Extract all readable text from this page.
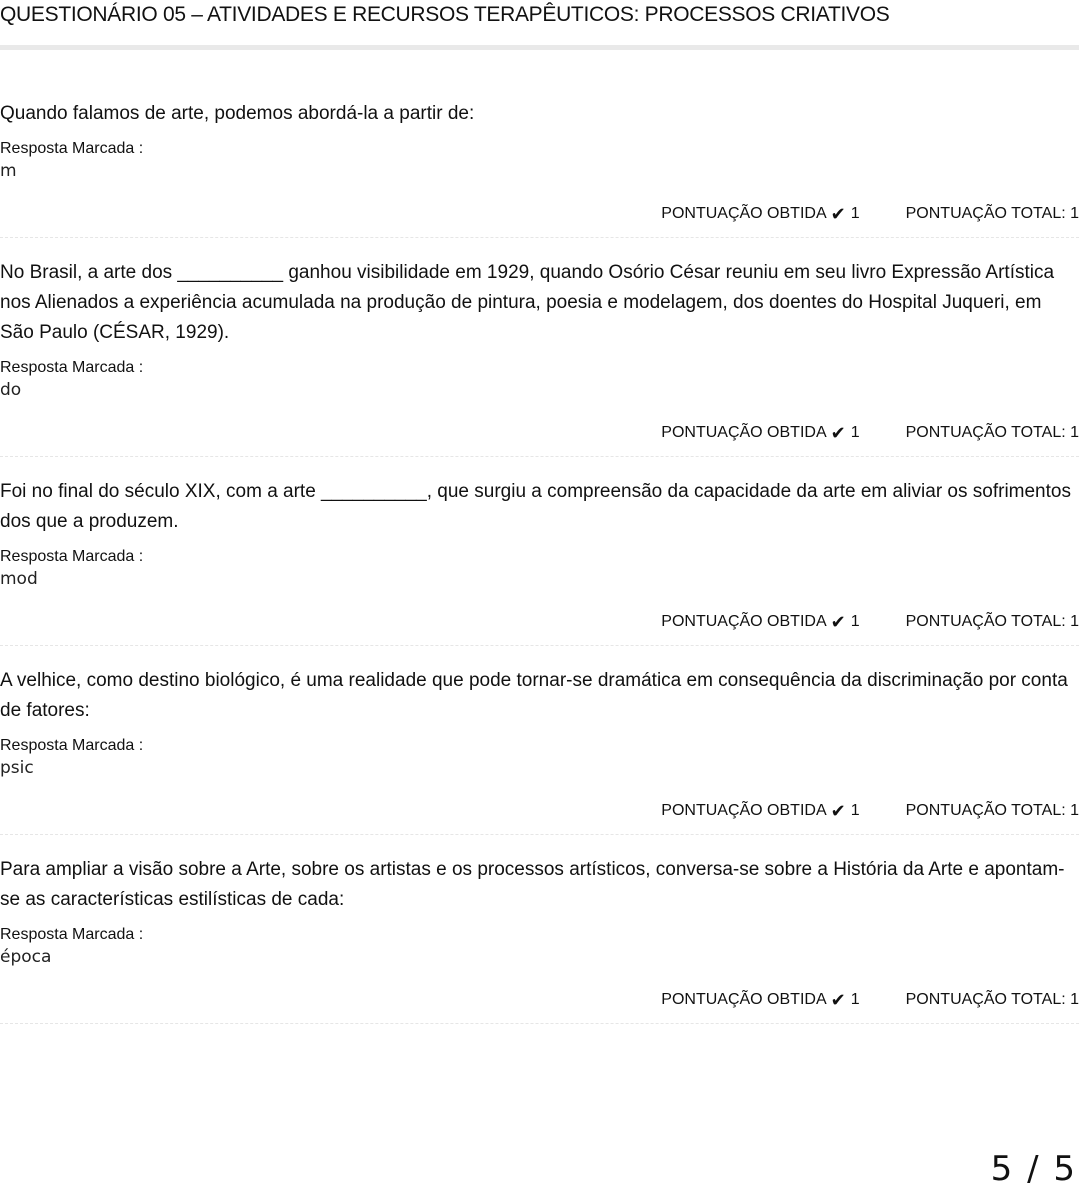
QUESTIONÁRIO 05 – ATIVIDADES E RECURSOS TERAPÊUTICOS: PROCESSOS CRIATIVOS
Quando falamos de arte, podemos abordá-la a partir de:
Resposta Marcada :
m
PONTUAÇÃO OBTIDA ✔ 1	PONTUAÇÃO TOTAL: 1
No Brasil, a arte dos __________ ganhou visibilidade em 1929, quando Osório César reuniu em seu livro Expressão Artística nos Alienados a experiência acumulada na produção de pintura, poesia e modelagem, dos doentes do Hospital Juqueri, em São Paulo (CÉSAR, 1929).
Resposta Marcada :
do
PONTUAÇÃO OBTIDA ✔ 1	PONTUAÇÃO TOTAL: 1
Foi no final do século XIX, com a arte __________, que surgiu a compreensão da capacidade da arte em aliviar os sofrimentos dos que a produzem.
Resposta Marcada :
mod
PONTUAÇÃO OBTIDA ✔ 1	PONTUAÇÃO TOTAL: 1
A velhice, como destino biológico, é uma realidade que pode tornar-se dramática em consequência da discriminação por conta de fatores:
Resposta Marcada :
psic
PONTUAÇÃO OBTIDA ✔ 1	PONTUAÇÃO TOTAL: 1
Para ampliar a visão sobre a Arte, sobre os artistas e os processos artísticos, conversa-se sobre a História da Arte e apontam-se as características estilísticas de cada:
Resposta Marcada :
época
PONTUAÇÃO OBTIDA ✔ 1	PONTUAÇÃO TOTAL: 1
5 / 5
